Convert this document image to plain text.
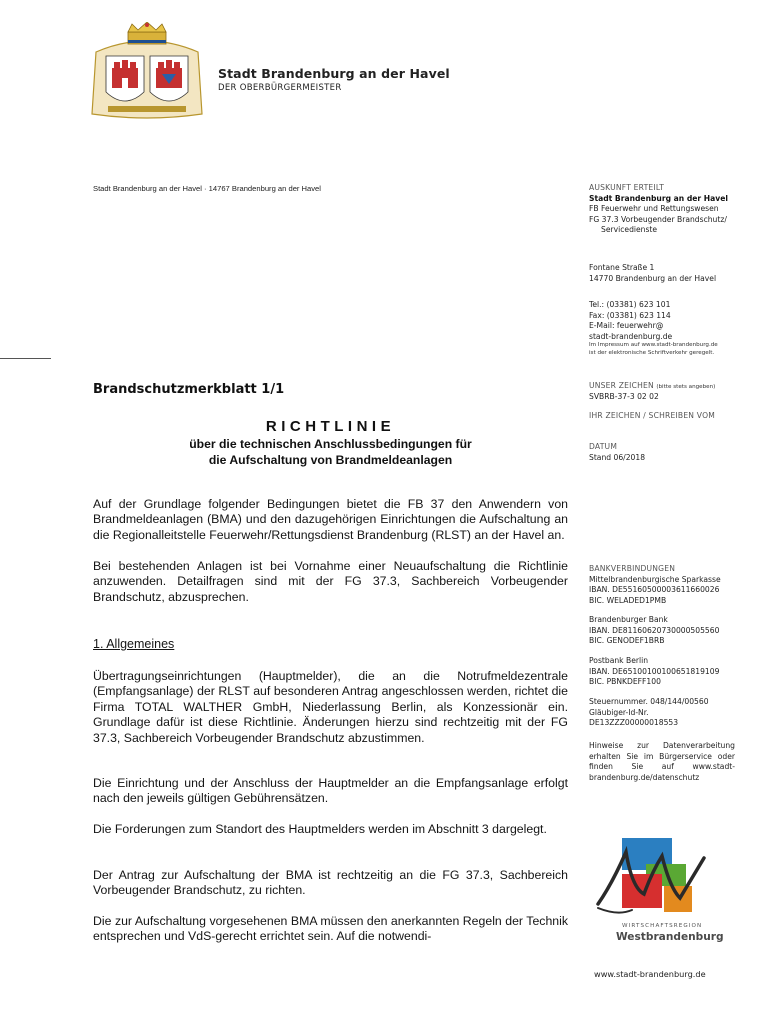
Stadt Brandenburg an der Havel
DER OBERBÜRGERMEISTER
Stadt Brandenburg an der Havel · 14767 Brandenburg an der Havel	AUSKUNFT ERTEILT
Stadt Brandenburg an der Havel
FB Feuerwehr und Rettungswesen
FG 37.3 Vorbeugender Brandschutz/
Servicedienste
Fontane Straße 1
14770 Brandenburg an der Havel
Tel.: (03381) 623 101
Fax: (03381) 623 114
E-Mail: feuerwehr@
stadt-brandenburg.de
Im Impressum auf www.stadt-brandenburg.de
ist der elektronische Schriftverkehr geregelt.
UNSER ZEICHEN (bitte stets angeben)
SVBRB-37-3 02 02
IHR ZEICHEN / SCHREIBEN VOM
DATUM
Stand 06/2018
BANKVERBINDUNGEN
Mittelbrandenburgische Sparkasse
IBAN. DE55160500003611660026
BIC. WELADED1PMB
Brandenburger Bank
IBAN. DE81160620730000505560
BIC. GENODEF1BRB
Postbank Berlin
IBAN. DE65100100100651819109
BIC. PBNKDEFF100
Steuernummer. 048/144/00560
Gläubiger-Id-Nr.
DE13ZZZ00000018553
Hinweise zur Datenverarbeitung
erhalten Sie im Bürgerservice oder
finden Sie auf www.stadt-
brandenburg.de/datenschutz
Brandschutzmerkblatt 1/1
RICHTLINIE
über die technischen Anschlussbedingungen für
die Aufschaltung von Brandmeldeanlagen
Auf der Grundlage folgender Bedingungen bietet die FB 37 den Anwendern von Brandmeldeanlagen (BMA) und den dazugehörigen Einrichtungen die Aufschaltung an die Regionalleitstelle Feuerwehr/Rettungsdienst Brandenburg (RLST) an der Havel an.
Bei bestehenden Anlagen ist bei Vornahme einer Neuaufschaltung die Richtlinie anzuwenden. Detailfragen sind mit der FG 37.3, Sachbereich Vorbeugender Brandschutz, abzusprechen.
1. Allgemeines
Übertragungseinrichtungen (Hauptmelder), die an die Notrufmeldezentrale (Empfangsanlage) der RLST auf besonderen Antrag angeschlossen werden, richtet die Firma TOTAL WALTHER GmbH, Niederlassung Berlin, als Konzessionär ein. Grundlage dafür ist diese Richtlinie. Änderungen hierzu sind rechtzeitig mit der FG 37.3, Sachbereich Vorbeugender Brandschutz abzustimmen.
Die Einrichtung und der Anschluss der Hauptmelder an die Empfangsanlage erfolgt nach den jeweils gültigen Gebührensätzen.
Die Forderungen zum Standort des Hauptmelders werden im Abschnitt 3 dargelegt.
Der Antrag zur Aufschaltung der BMA ist rechtzeitig an die FG 37.3, Sachbereich Vorbeugender Brandschutz, zu richten.
Die zur Aufschaltung vorgesehenen BMA müssen den anerkannten Regeln der Technik entsprechen und VdS-gerecht errichtet sein. Auf die notwendi-
WIRTSCHAFTSREGION
Westbrandenburg
www.stadt-brandenburg.de
